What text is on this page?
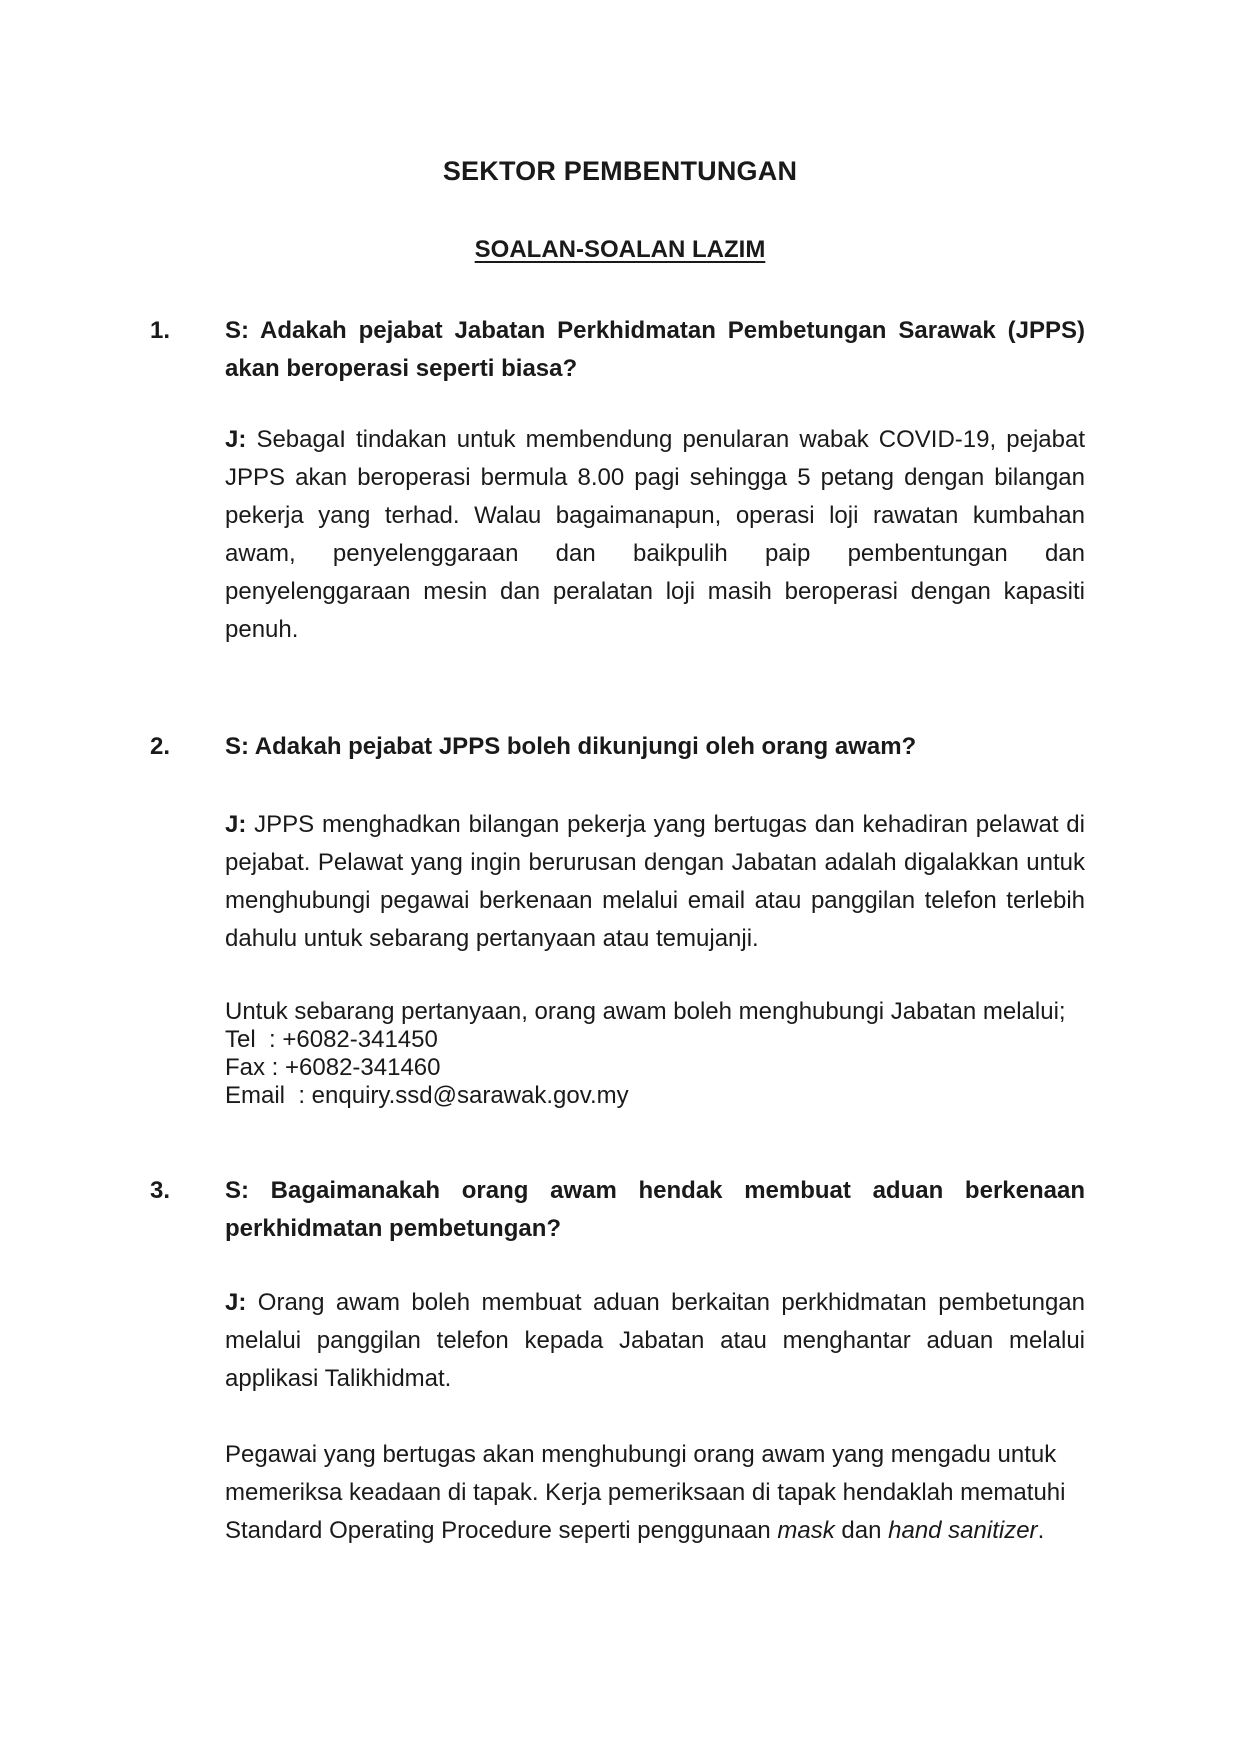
SEKTOR PEMBENTUNGAN
SOALAN-SOALAN LAZIM
1. S: Adakah pejabat Jabatan Perkhidmatan Pembetungan Sarawak (JPPS) akan beroperasi seperti biasa?
J: SebagaI tindakan untuk membendung penularan wabak COVID-19, pejabat JPPS akan beroperasi bermula 8.00 pagi sehingga 5 petang dengan bilangan pekerja yang terhad. Walau bagaimanapun, operasi loji rawatan kumbahan awam, penyelenggaraan dan baikpulih paip pembentungan dan penyelenggaraan mesin dan peralatan loji masih beroperasi dengan kapasiti penuh.
2. S: Adakah pejabat JPPS boleh dikunjungi oleh orang awam?
J: JPPS menghadkan bilangan pekerja yang bertugas dan kehadiran pelawat di pejabat. Pelawat yang ingin berurusan dengan Jabatan adalah digalakkan untuk menghubungi pegawai berkenaan melalui email atau panggilan telefon terlebih dahulu untuk sebarang pertanyaan atau temujanji.
Untuk sebarang pertanyaan, orang awam boleh menghubungi Jabatan melalui;
Tel  : +6082-341450
Fax : +6082-341460
Email  : enquiry.ssd@sarawak.gov.my
3. S: Bagaimanakah orang awam hendak membuat aduan berkenaan perkhidmatan pembetungan?
J: Orang awam boleh membuat aduan berkaitan perkhidmatan pembetungan melalui panggilan telefon kepada Jabatan atau menghantar aduan melalui applikasi Talikhidmat.
Pegawai yang bertugas akan menghubungi orang awam yang mengadu untuk memeriksa keadaan di tapak. Kerja pemeriksaan di tapak hendaklah mematuhi Standard Operating Procedure seperti penggunaan mask dan hand sanitizer.
